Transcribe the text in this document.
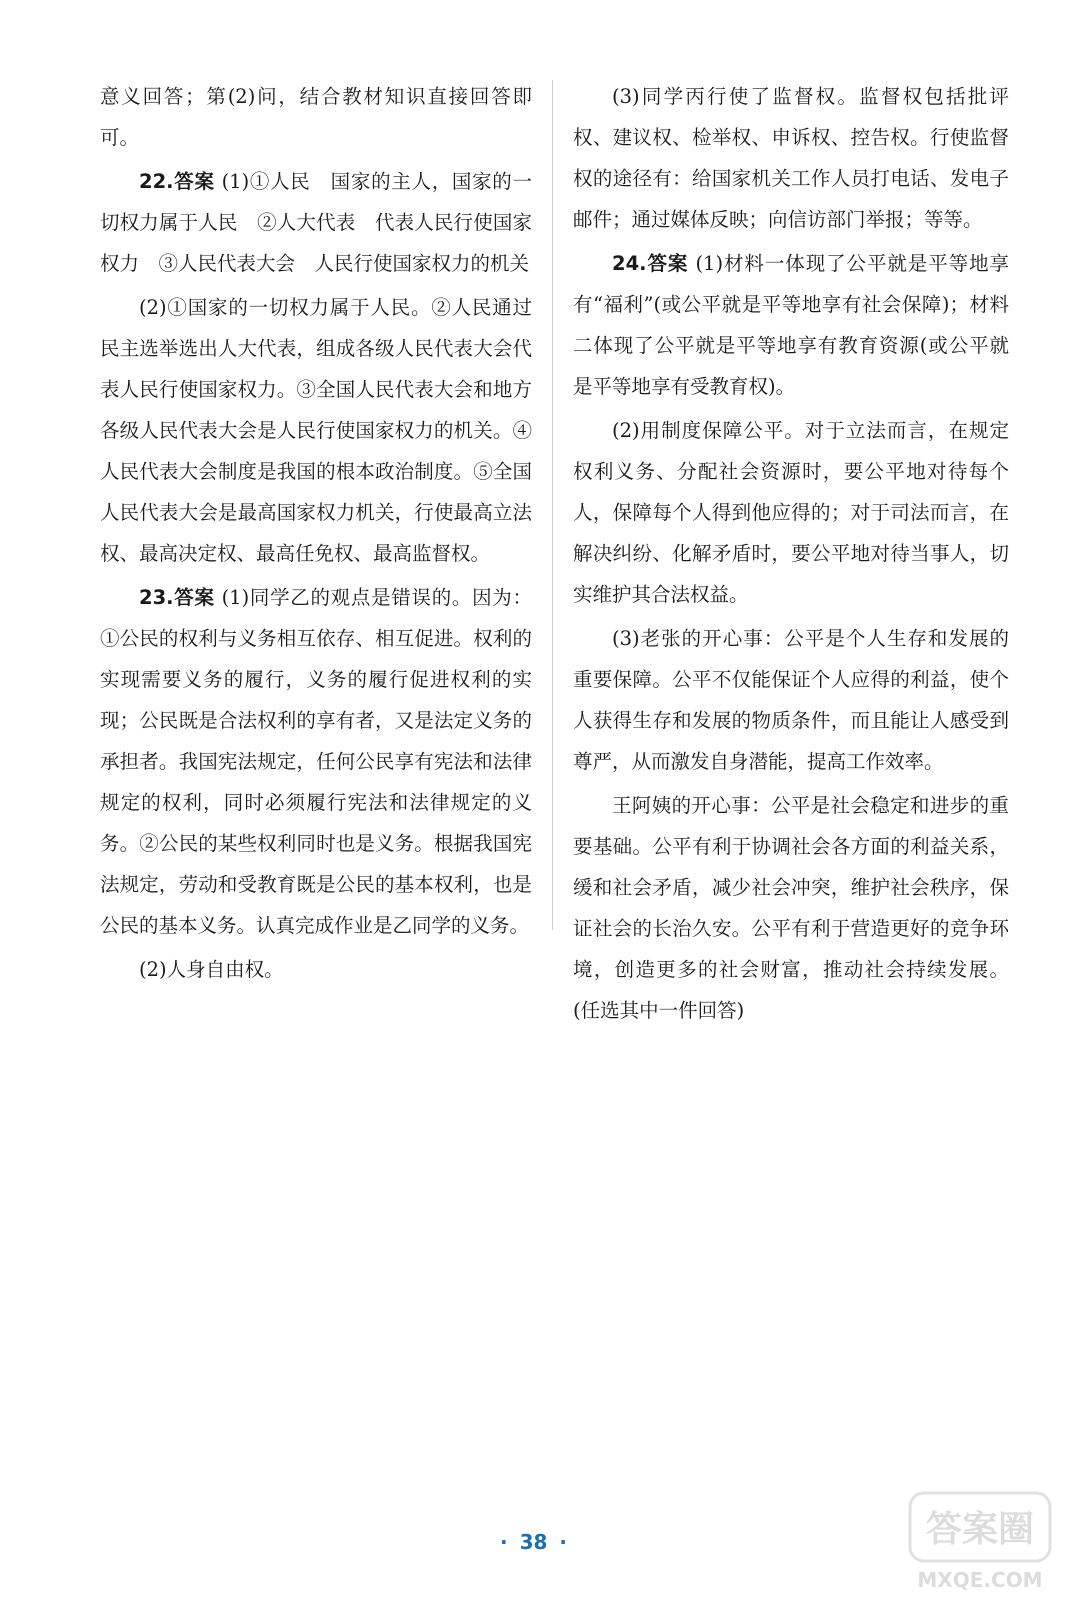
意义回答；第(2)问，结合教材知识直接回答即可。

22.答案 (1)①人民　国家的主人，国家的一切权力属于人民　②人大代表　代表人民行使国家权力　③人民代表大会　人民行使国家权力的机关

(2)①国家的一切权力属于人民。②人民通过民主选举选出人大代表，组成各级人民代表大会代表人民行使国家权力。③全国人民代表大会和地方各级人民代表大会是人民行使国家权力的机关。④人民代表大会制度是我国的根本政治制度。⑤全国人民代表大会是最高国家权力机关，行使最高立法权、最高决定权、最高任免权、最高监督权。

23.答案 (1)同学乙的观点是错误的。因为：①公民的权利与义务相互依存、相互促进。权利的实现需要义务的履行，义务的履行促进权利的实现；公民既是合法权利的享有者，又是法定义务的承担者。我国宪法规定，任何公民享有宪法和法律规定的权利，同时必须履行宪法和法律规定的义务。②公民的某些权利同时也是义务。根据我国宪法规定，劳动和受教育既是公民的基本权利，也是公民的基本义务。认真完成作业是乙同学的义务。

(2)人身自由权。

(3)同学丙行使了监督权。监督权包括批评权、建议权、检举权、申诉权、控告权。行使监督权的途径有：给国家机关工作人员打电话、发电子邮件；通过媒体反映；向信访部门举报；等等。

24.答案 (1)材料一体现了公平就是平等地享有“福利”(或公平就是平等地享有社会保障)；材料二体现了公平就是平等地享有教育资源(或公平就是平等地享有受教育权)。

(2)用制度保障公平。对于立法而言，在规定权利义务、分配社会资源时，要公平地对待每个人，保障每个人得到他应得的；对于司法而言，在解决纠纷、化解矛盾时，要公平地对待当事人，切实维护其合法权益。

(3)老张的开心事：公平是个人生存和发展的重要保障。公平不仅能保证个人应得的利益，使个人获得生存和发展的物质条件，而且能让人感受到尊严，从而激发自身潜能，提高工作效率。

王阿姨的开心事：公平是社会稳定和进步的重要基础。公平有利于协调社会各方面的利益关系，缓和社会矛盾，减少社会冲突，维护社会秩序，保证社会的长治久安。公平有利于营造更好的竞争环境，创造更多的社会财富，推动社会持续发展。(任选其中一件回答)

· 38 ·	答案圈
MXQE.COM
